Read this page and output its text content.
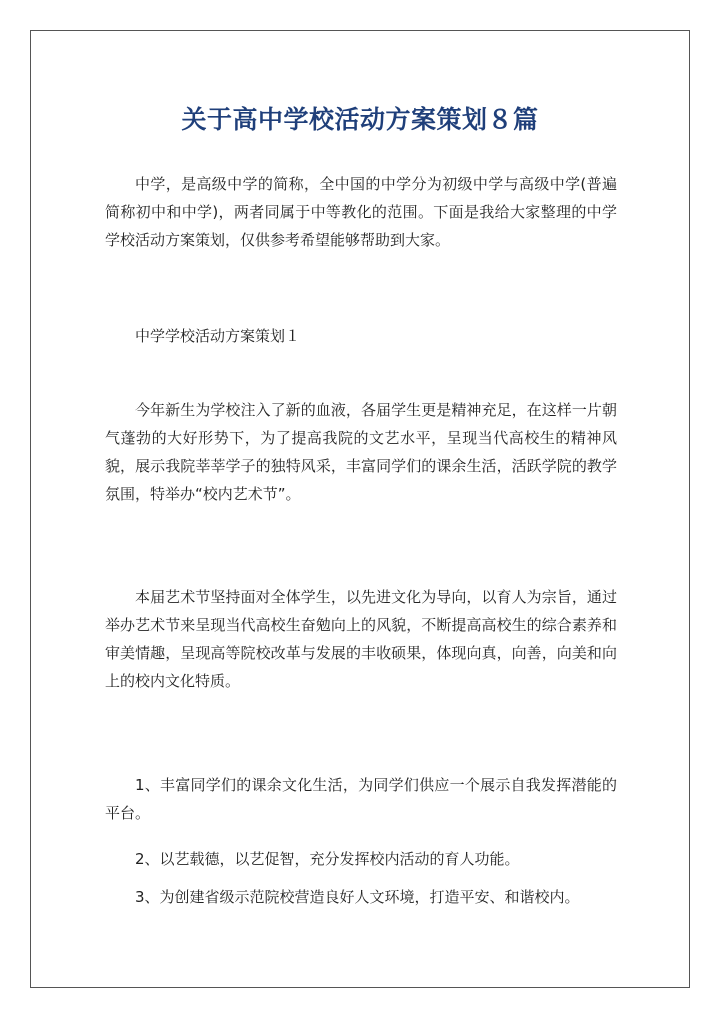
关于高中学校活动方案策划８篇

中学，是高级中学的简称，全中国的中学分为初级中学与高级中学(普遍简称初中和中学)，两者同属于中等教化的范围。下面是我给大家整理的中学学校活动方案策划，仅供参考希望能够帮助到大家。

中学学校活动方案策划１

今年新生为学校注入了新的血液，各届学生更是精神充足，在这样一片朝气蓬勃的大好形势下，为了提高我院的文艺水平，呈现当代高校生的精神风貌，展示我院莘莘学子的独特风采，丰富同学们的课余生活，活跃学院的教学氛围，特举办“校内艺术节”。

本届艺术节坚持面对全体学生，以先进文化为导向，以育人为宗旨，通过举办艺术节来呈现当代高校生奋勉向上的风貌，不断提高高校生的综合素养和审美情趣，呈现高等院校改革与发展的丰收硕果，体现向真，向善，向美和向上的校内文化特质。

1、丰富同学们的课余文化生活，为同学们供应一个展示自我发挥潜能的平台。

2、以艺载德，以艺促智，充分发挥校内活动的育人功能。

3、为创建省级示范院校营造良好人文环境，打造平安、和谐校内。
